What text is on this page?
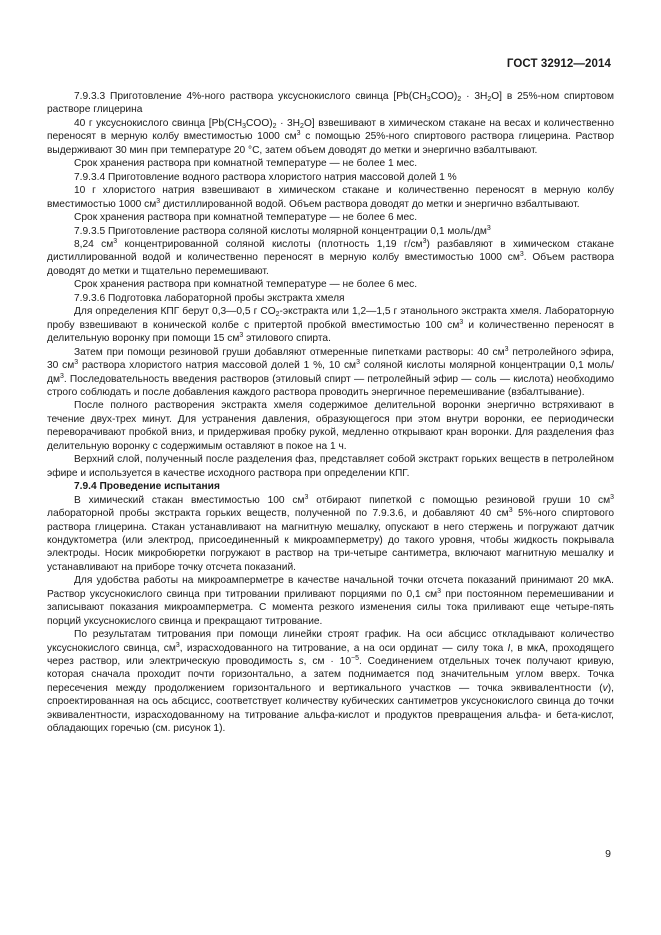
ГОСТ 32912—2014

7.9.3.3 Приготовление 4%-ного раствора уксуснокислого свинца $[Pb(CH_3COO)_2 \cdot 3H_2O]$ в 25%-ном спиртовом растворе глицерина

40 г уксуснокислого свинца $[Pb(CH_3COO)_2 \cdot 3H_2O]$ взвешивают в химическом стакане на весах и количественно переносят в мерную колбу вместимостью 1000 $см^3$ с помощью 25%-ного спиртового раствора глицерина. Раствор выдерживают 30 мин при температуре 20 °С, затем объем доводят до метки и энергично взбалтывают.

Срок хранения раствора при комнатной температуре — не более 1 мес.

7.9.3.4 Приготовление водного раствора хлористого натрия массовой долей 1 %

10 г хлористого натрия взвешивают в химическом стакане и количественно переносят в мерную колбу вместимостью 1000 $см^3$ дистиллированной водой. Объем раствора доводят до метки и энергично взбалтывают.

Срок хранения раствора при комнатной температуре — не более 6 мес.

7.9.3.5 Приготовление раствора соляной кислоты молярной концентрации 0,1 моль/$дм^3$

8,24 $см^3$ концентрированной соляной кислоты (плотность 1,19 $г/см^3$) разбавляют в химическом стакане дистиллированной водой и количественно переносят в мерную колбу вместимостью 1000 $см^3$. Объем раствора доводят до метки и тщательно перемешивают.

Срок хранения раствора при комнатной температуре — не более 6 мес.

7.9.3.6 Подготовка лабораторной пробы экстракта хмеля

Для определения КПГ берут 0,3—0,5 г $CO_2$-экстракта или 1,2—1,5 г этанольного экстракта хмеля. Лабораторную пробу взвешивают в конической колбе с притертой пробкой вместимостью 100 $см^3$ и количественно переносят в делительную воронку при помощи 15 $см^3$ этилового спирта.

Затем при помощи резиновой груши добавляют отмеренные пипетками растворы: 40 $см^3$ петролейного эфира, 30 $см^3$ раствора хлористого натрия массовой долей 1 %, 10 $см^3$ соляной кислоты молярной концентрации 0,1 моль/$дм^3$. Последовательность введения растворов (этиловый спирт — петролейный эфир — соль — кислота) необходимо строго соблюдать и после добавления каждого раствора проводить энергичное перемешивание (взбалтывание).

После полного растворения экстракта хмеля содержимое делительной воронки энергично встряхивают в течение двух-трех минут. Для устранения давления, образующегося при этом внутри воронки, ее периодически переворачивают пробкой вниз, и придерживая пробку рукой, медленно открывают кран воронки. Для разделения фаз делительную воронку с содержимым оставляют в покое на 1 ч.

Верхний слой, полученный после разделения фаз, представляет собой экстракт горьких веществ в петролейном эфире и используется в качестве исходного раствора при определении КПГ.

7.9.4 Проведение испытания

В химический стакан вместимостью 100 $см^3$ отбирают пипеткой с помощью резиновой груши 10 $см^3$ лабораторной пробы экстракта горьких веществ, полученной по 7.9.3.6, и добавляют 40 $см^3$ 5%-ного спиртового раствора глицерина. Стакан устанавливают на магнитную мешалку, опускают в него стержень и погружают датчик кондуктометра (или электрод, присоединенный к микроамперметру) до такого уровня, чтобы жидкость покрывала электроды. Носик микробюретки погружают в раствор на три-четыре сантиметра, включают магнитную мешалку и устанавливают на приборе точку отсчета показаний.

Для удобства работы на микроамперметре в качестве начальной точки отсчета показаний принимают 20 мкА. Раствор уксуснокислого свинца при титровании приливают порциями по 0,1 $см^3$ при постоянном перемешивании и записывают показания микроамперметра. С момента резкого изменения силы тока приливают еще четыре-пять порций уксуснокислого свинца и прекращают титрование.

По результатам титрования при помощи линейки строят график. На оси абсцисс откладывают количество уксуснокислого свинца, $см^3$, израсходованного на титрование, а на оси ординат — силу тока I, в мкА, проходящего через раствор, или электрическую проводимость s, см · $10^{-5}$. Соединением отдельных точек получают кривую, которая сначала проходит почти горизонтально, а затем поднимается под значительным углом вверх. Точка пересечения между продолжением горизонтального и вертикального участков — точка эквивалентности (v), спроектированная на ось абсцисс, соответствует количеству кубических сантиметров уксуснокислого свинца до точки эквивалентности, израсходованному на титрование альфа-кислот и продуктов превращения альфа- и бета-кислот, обладающих горечью (см. рисунок 1).

9
